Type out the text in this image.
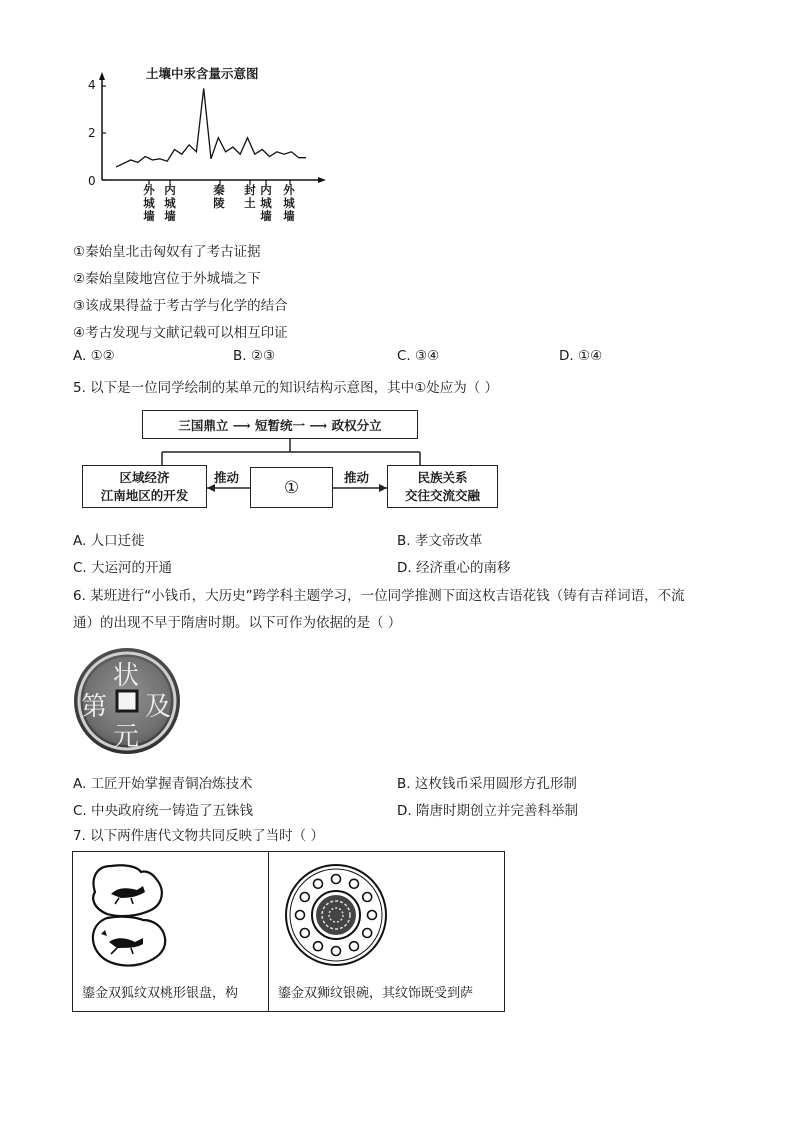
土壤中汞含量示意图
4
2
0
外城墙
内城墙
秦陵
封土
内城墙
外城墙
①秦始皇北击匈奴有了考古证据
②秦始皇陵地宫位于外城墙之下
③该成果得益于考古学与化学的结合
④考古发现与文献记载可以相互印证
A. ①②	B. ②③	C. ③④	D. ①④
5. 以下是一位同学绘制的某单元的知识结构示意图，其中①处应为（ ）
三国鼎立 ⟶ 短暂统一 ⟶ 政权分立
区域经济
江南地区的开发	①
民族关系
交往交流交融
推动	推动
A. 人口迁徙	B. 孝文帝改革
C. 大运河的开通	D. 经济重心的南移
6. 某班进行“小钱币，大历史”跨学科主题学习，一位同学推测下面这枚吉语花钱（铸有吉祥词语，不流
通）的出现不早于隋唐时期。以下可作为依据的是（ ）
状
及
元
第
A. 工匠开始掌握青铜冶炼技术	B. 这枚钱币采用圆形方孔形制
C. 中央政府统一铸造了五铢钱	D. 隋唐时期创立并完善科举制
7. 以下两件唐代文物共同反映了当时（ ）
鎏金双狐纹双桃形银盘，构	鎏金双狮纹银碗，其纹饰既受到萨
